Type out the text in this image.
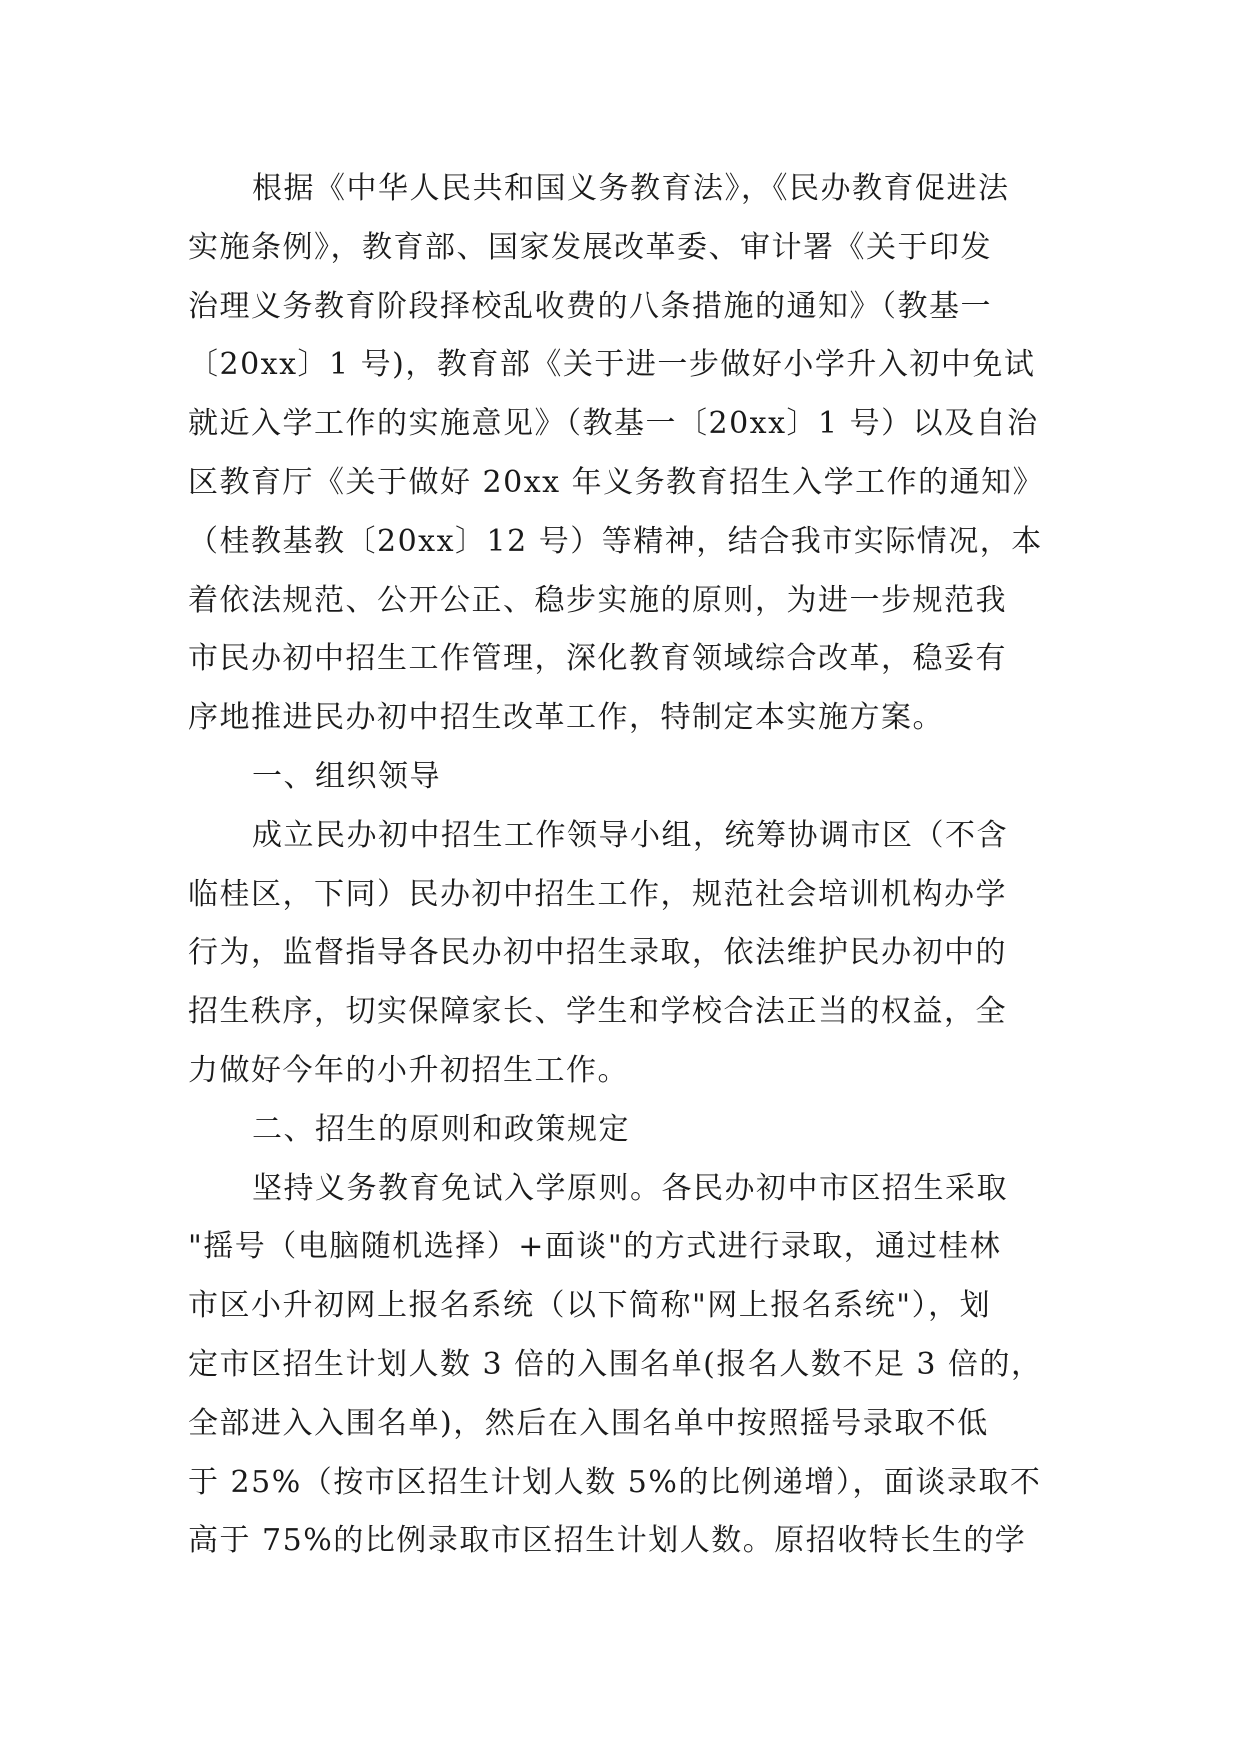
根据《中华人民共和国义务教育法》，《民办教育促进法
实施条例》，教育部、国家发展改革委、审计署《关于印发
治理义务教育阶段择校乱收费的八条措施的通知》（教基一
〔20xx〕1 号)，教育部《关于进一步做好小学升入初中免试
就近入学工作的实施意见》（教基一〔20xx〕1 号）以及自治
区教育厅《关于做好 20xx 年义务教育招生入学工作的通知》
（桂教基教〔20xx〕12 号）等精神，结合我市实际情况，本
着依法规范、公开公正、稳步实施的原则，为进一步规范我
市民办初中招生工作管理，深化教育领域综合改革，稳妥有
序地推进民办初中招生改革工作，特制定本实施方案。
一、组织领导
成立民办初中招生工作领导小组，统筹协调市区（不含
临桂区，下同）民办初中招生工作，规范社会培训机构办学
行为，监督指导各民办初中招生录取，依法维护民办初中的
招生秩序，切实保障家长、学生和学校合法正当的权益，全
力做好今年的小升初招生工作。
二、招生的原则和政策规定
坚持义务教育免试入学原则。各民办初中市区招生采取
"摇号（电脑随机选择）+面谈"的方式进行录取，通过桂林
市区小升初网上报名系统（以下简称"网上报名系统"），划
定市区招生计划人数 3 倍的入围名单(报名人数不足 3 倍的，
全部进入入围名单)，然后在入围名单中按照摇号录取不低
于 25%（按市区招生计划人数 5%的比例递增），面谈录取不
高于 75%的比例录取市区招生计划人数。原招收特长生的学
